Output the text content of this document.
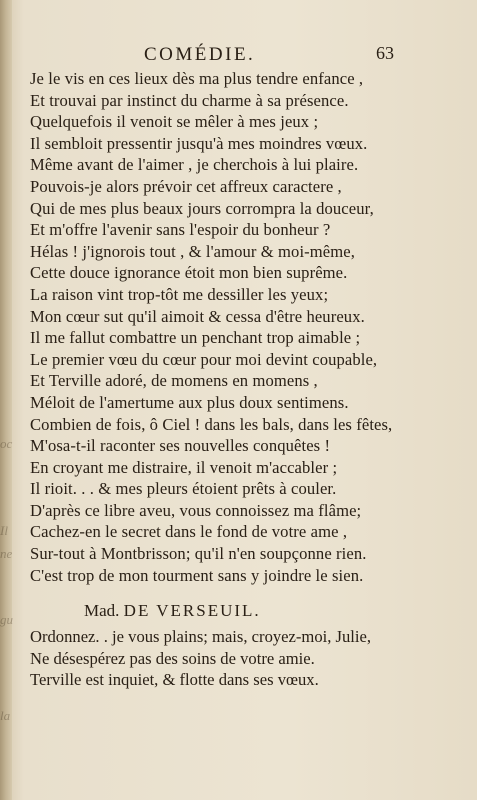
oc
Il
ne
gu
la
COMÉDIE.	63
Je le vis en ces lieux dès ma plus tendre enfance ,
Et trouvai par instinct du charme à sa présence.
Quelquefois il venoit se mêler à mes jeux ;
Il sembloit pressentir jusqu'à mes moindres vœux.
Même avant de l'aimer , je cherchois à lui plaire.
Pouvois-je alors prévoir cet affreux caractere ,
Qui de mes plus beaux jours corrompra la douceur,
Et m'offre l'avenir sans l'espoir du bonheur ?
Hélas ! j'ignorois tout , & l'amour & moi-même,
Cette douce ignorance étoit mon bien suprême.
La raison vint trop-tôt me dessiller les yeux;
Mon cœur sut qu'il aimoit & cessa d'être heureux.
Il me fallut combattre un penchant trop aimable ;
Le premier vœu du cœur pour moi devint coupable,
Et Terville adoré, de momens en momens ,
Méloit de l'amertume aux plus doux sentimens.
Combien de fois, ô Ciel ! dans les bals, dans les fêtes,
M'osa-t-il raconter ses nouvelles conquêtes !
En croyant me distraire, il venoit m'accabler ;
Il rioit. . . & mes pleurs étoient prêts à couler.
D'après ce libre aveu, vous connoissez ma flâme;
Cachez-en le secret dans le fond de votre ame ,
Sur-tout à Montbrisson; qu'il n'en soupçonne rien.
C'est trop de mon tourment sans y joindre le sien.
Mad. DE VERSEUIL.
Ordonnez. . je vous plains; mais, croyez-moi, Julie,
Ne désespérez pas des soins de votre amie.
Terville est inquiet, & flotte dans ses vœux.
